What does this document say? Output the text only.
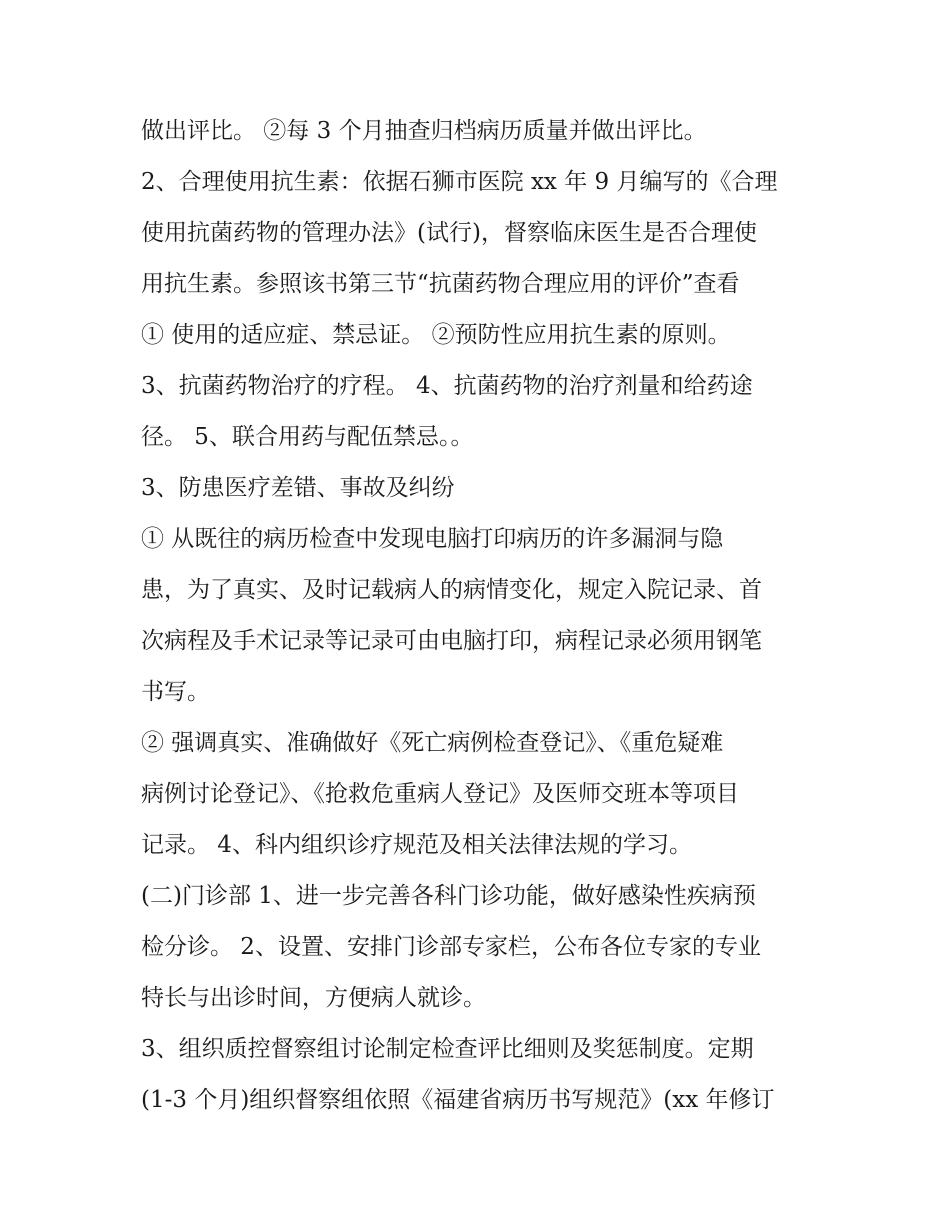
做出评比。 ②每 3 个月抽查归档病历质量并做出评比。
2、合理使用抗生素：依据石狮市医院 xx 年 9 月编写的《合理
使用抗菌药物的管理办法》(试行)，督察临床医生是否合理使
用抗生素。参照该书第三节“抗菌药物合理应用的评价”查看
① 使用的适应症、禁忌证。 ②预防性应用抗生素的原则。
3、抗菌药物治疗的疗程。 4、抗菌药物的治疗剂量和给药途
径。 5、联合用药与配伍禁忌。。
3、防患医疗差错、事故及纠纷
① 从既往的病历检查中发现电脑打印病历的许多漏洞与隐
患，为了真实、及时记载病人的病情变化，规定入院记录、首
次病程及手术记录等记录可由电脑打印，病程记录必须用钢笔
书写。
② 强调真实、准确做好《死亡病例检查登记》、《重危疑难
病例讨论登记》、《抢救危重病人登记》及医师交班本等项目
记录。 4、科内组织诊疗规范及相关法律法规的学习。
(二)门诊部 1、进一步完善各科门诊功能，做好感染性疾病预
检分诊。 2、设置、安排门诊部专家栏，公布各位专家的专业
特长与出诊时间，方便病人就诊。
3、组织质控督察组讨论制定检查评比细则及奖惩制度。定期
(1-3 个月)组织督察组依照《福建省病历书写规范》(xx 年修订
